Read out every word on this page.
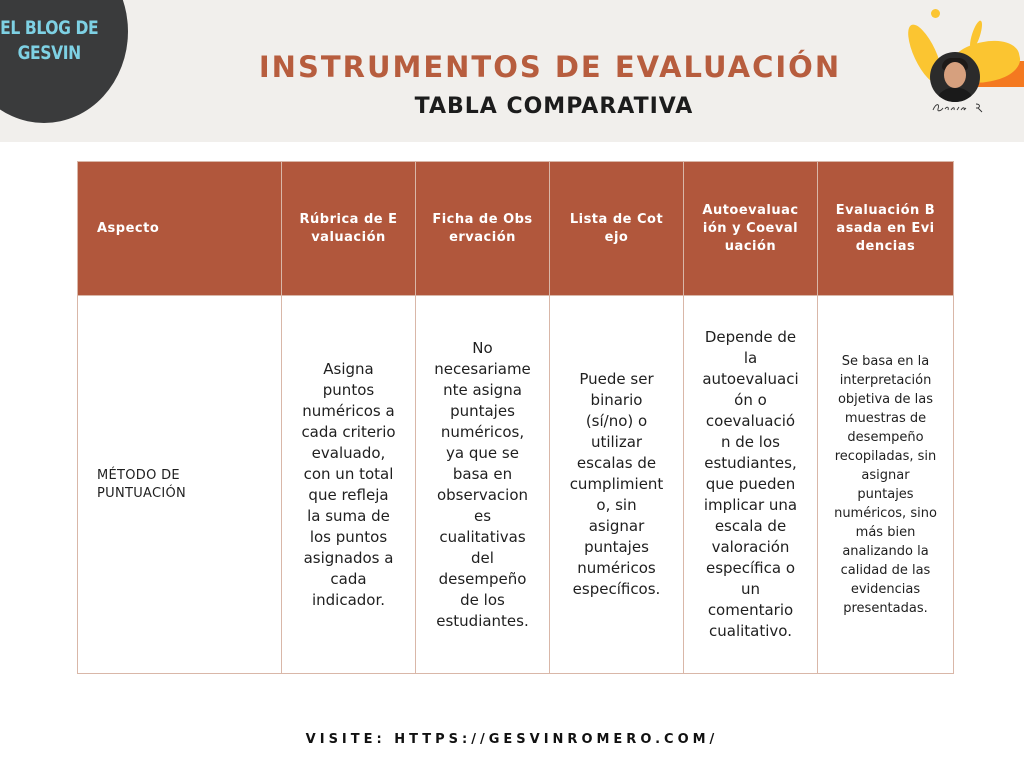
EL BLOG DE GESVIN	INSTRUMENTOS DE EVALUACIÓN
TABLA COMPARATIVA
Aspecto	Rúbrica de Evaluación	Ficha de Observación	Lista de Cotejo	Autoevaluación y Coevaluación	Evaluación Basada en Evidencias
MÉTODO DE PUNTUACIÓN	Asigna puntos numéricos a cada criterio evaluado, con un total que refleja la suma de los puntos asignados a cada indicador.	No necesariamente asigna puntajes numéricos, ya que se basa en observaciones cualitativas del desempeño de los estudiantes.	Puede ser binario (sí/no) o utilizar escalas de cumplimiento, sin asignar puntajes numéricos específicos.	Depende de la autoevaluación o coevaluación de los estudiantes, que pueden implicar una escala de valoración específica o un comentario cualitativo.	Se basa en la interpretación objetiva de las muestras de desempeño recopiladas, sin asignar puntajes numéricos, sino más bien analizando la calidad de las evidencias presentadas.
VISITE: HTTPS://GESVINROMERO.COM/
